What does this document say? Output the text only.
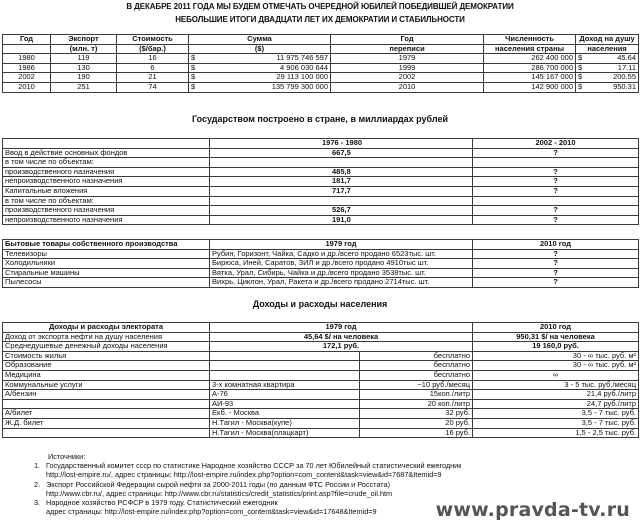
В ДЕКАБРЕ 2011 ГОДА МЫ БУДЕМ ОТМЕЧАТЬ ОЧЕРЕДНОЙ ЮБИЛЕЙ ПОБЕДИВШЕЙ ДЕМОКРАТИИ
НЕБОЛЬШИЕ ИТОГИ ДВАДЦАТИ ЛЕТ ИХ ДЕМОКРАТИИ И СТАБИЛЬНОСТИ
Год	Экспорт	Стоимость	Сумма		Год	Численность	Доход на душу	
	(млн. т)	($/бар.)	($)		переписи	населения страны	населения	
1980	119	16	$	11 975 746 597	1979	262 400 000	$	45.64
1986	130	6	$	4 906 030 644	1999	286 700 000	$	17.11
2002	190	21	$	29 113 100 000	2002	145 167 000	$	200.55
2010	251	74	$	135 799 300 000	2010	142 900 000	$	950.31
Государством построено в стране, в миллиардах рублей
	1976 - 1980	2002 - 2010
Ввод в действие основных фондов	667,5	?
в том числе по объектам:		
производственного назначения	485,8	?
непроизводственного назначения	181,7	?
Капитальные вложения	717,7	?
в том числе по объектам:		
производственного назначения	526,7	?
непроизводственного назначения	191,0	?
Бытовые товары собственного производства	1979 год	2010 год
Телевизоры	Рубин, Горизонт, Чайка, Садко и др./всего продано 6523тыс. шт.	?
Холодильники	Бирюса, Иней, Саратов, ЗИЛ и др./всего продано 4910тыс шт.	?
Стиральные машины	Вятка, Урал, Сибирь, Чайка и др./всего продано 3538тыс. шт.	?
Пылесосы	Вихрь, Циклон, Урал, Ракета и др./всего продано 2714тыс. шт.	?
Доходы и расходы населения
Доходы и расходы электората	1979 год		2010 год
Доход от экспорта нефти на душу населения	45,64 $/ на человека		950,31 $/ на человека
Среднедушевые денежный доходы населения	172,1 руб.		19 160,0 руб.
Стоимость жилья		бесплатно	30 - ∞ тыс. руб. м²
Образование		бесплатно	30 - ∞ тыс. руб. м²
Медицина		бесплатно	∞
Коммунальные услуги	3-х комнатная квартира	~10 руб./месяц	3 - 5 тыс. руб./месяц
А/бензин	А-76	15коп./литр	21,4 руб./литр
	АИ-93	20 коп./литр	24,7 руб./литр
А/билет	Екб. - Москва	32 руб.	3,5 - 7 тыс. руб.
Ж.Д. билет	Н.Тагил - Москва(купе)	20 руб.	3,5 - 7 тыс. руб.
	Н.Тагил - Москва(плацкарт)	16 руб.	1,5 - 2,5 тыс. руб.
Источники:
1. Государственный комитет ссср по статистике Народное хозяйство СССР за 70 лет Юбилейный статистический ежегодник
http://lost-empire.ru/, адрес страницы: http://lost-empire.ru/index.php?option=com_content&task=view&id=7687&Itemid=9
2. Экспорт Российской Федерации сырой нефти за 2000-2011 годы (по данным ФТС России и Росстата)
http://www.cbr.ru/, адрес страницы: http://www.cbr.ru/statistics/credit_statistics/print.asp?file=crude_oil.htm
3. Народное хозяйство РСФСР в 1979 году. Статистический ежегодник
адрес страницы: http://lost-empire.ru/index.php?option=com_content&task=view&id=17648&Itemid=9	www.pravda-tv.ru
